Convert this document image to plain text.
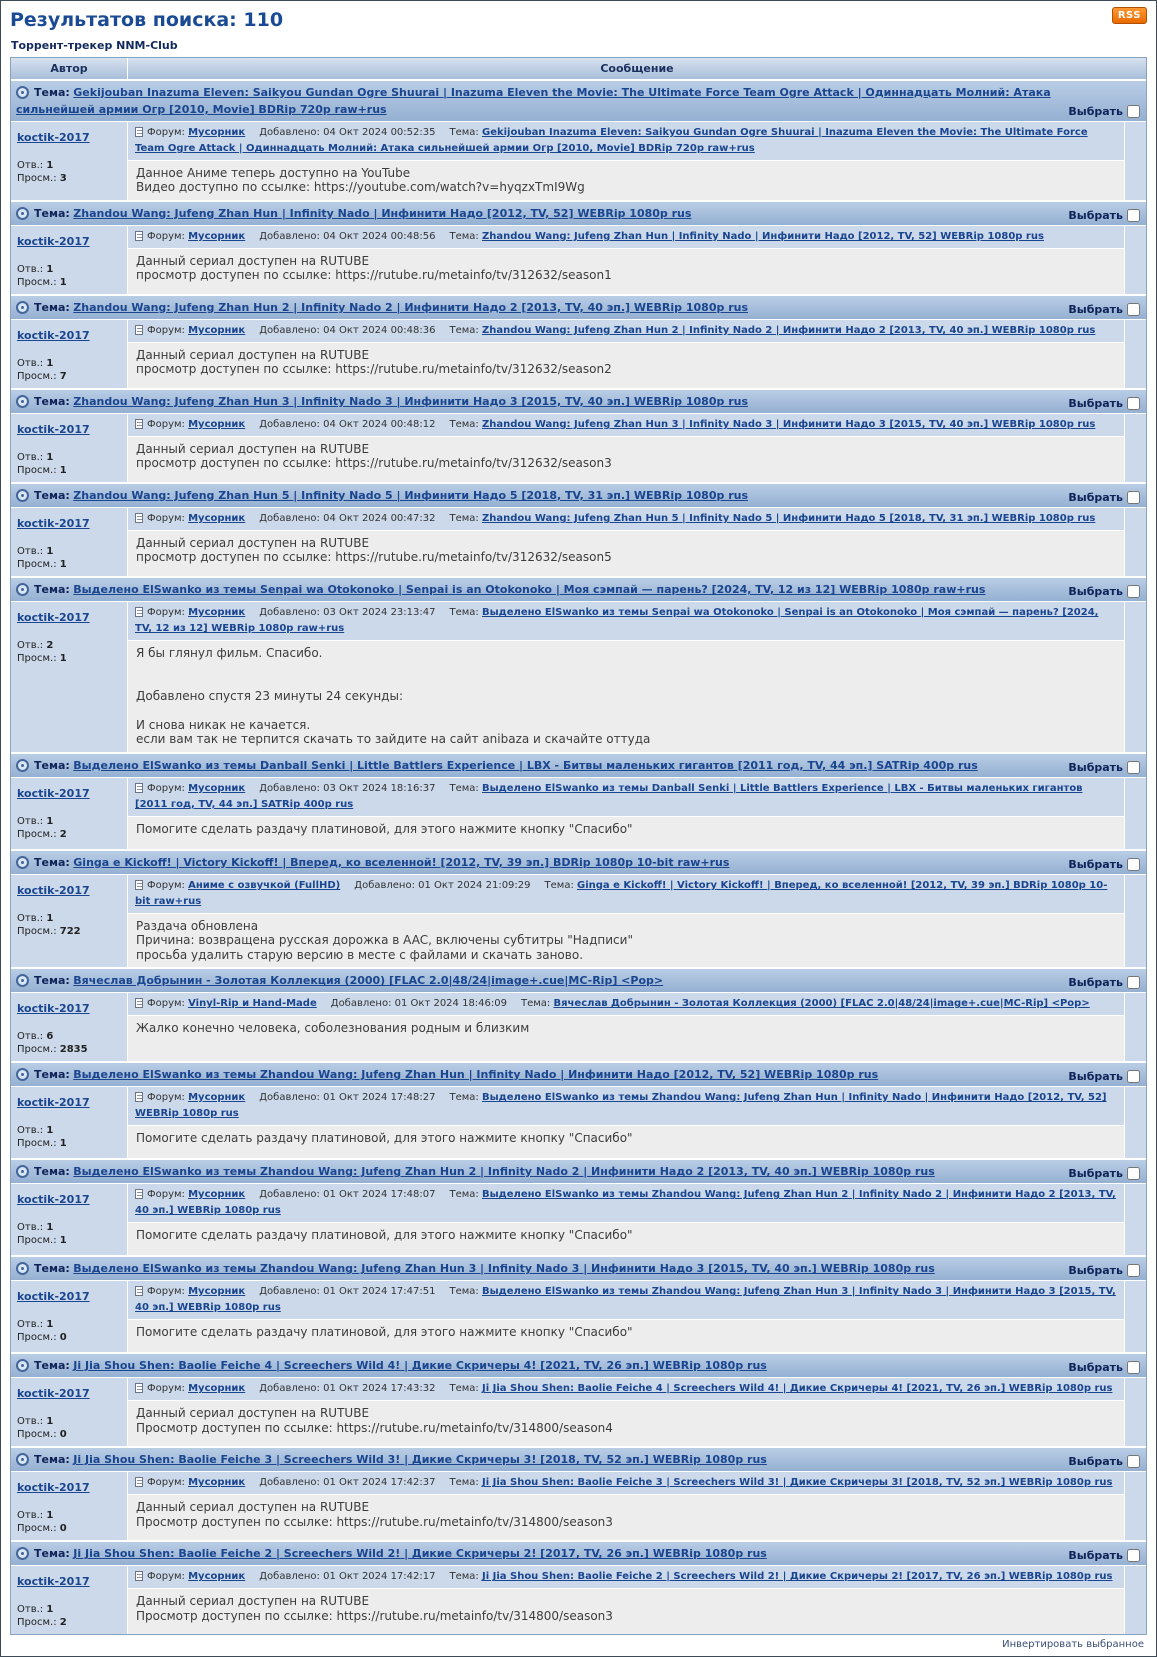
Результатов поиска: 110	RSS
Торрент-трекер NNM-Club
Автор	Сообщение
Тема: Gekijouban Inazuma Eleven: Saikyou Gundan Ogre Shuurai | Inazuma Eleven the Movie: The Ultimate Force Team Ogre Attack | Одиннадцать Молний: Атака сильнейшей армии Огр [2010, Movie] BDRip 720p raw+rus	Выбрать
koctik-2017
Отв.: 1
Просм.: 3
Форум: Мусорник Добавлено: 04 Окт 2024 00:52:35 Тема: Gekijouban Inazuma Eleven: Saikyou Gundan Ogre Shuurai | Inazuma Eleven the Movie: The Ultimate Force Team Ogre Attack | Одиннадцать Молний: Атака сильнейшей армии Огр [2010, Movie] BDRip 720p raw+rus
Данное Аниме теперь доступно на YouTube
Видео доступно по ссылке: https://youtube.com/watch?v=hyqzxTmI9Wg
Тема: Zhandou Wang: Jufeng Zhan Hun | Infinity Nado | Инфинити Надо [2012, TV, 52] WEBRip 1080p rus	Выбрать
koctik-2017
Отв.: 1
Просм.: 1
Форум: Мусорник Добавлено: 04 Окт 2024 00:48:56 Тема: Zhandou Wang: Jufeng Zhan Hun | Infinity Nado | Инфинити Надо [2012, TV, 52] WEBRip 1080p rus
Данный сериал доступен на RUTUBE
просмотр доступен по ссылке: https://rutube.ru/metainfo/tv/312632/season1
Тема: Zhandou Wang: Jufeng Zhan Hun 2 | Infinity Nado 2 | Инфинити Надо 2 [2013, TV, 40 эп.] WEBRip 1080p rus	Выбрать
koctik-2017
Отв.: 1
Просм.: 7
Форум: Мусорник Добавлено: 04 Окт 2024 00:48:36 Тема: Zhandou Wang: Jufeng Zhan Hun 2 | Infinity Nado 2 | Инфинити Надо 2 [2013, TV, 40 эп.] WEBRip 1080p rus
Данный сериал доступен на RUTUBE
просмотр доступен по ссылке: https://rutube.ru/metainfo/tv/312632/season2
Тема: Zhandou Wang: Jufeng Zhan Hun 3 | Infinity Nado 3 | Инфинити Надо 3 [2015, TV, 40 эп.] WEBRip 1080p rus	Выбрать
koctik-2017
Отв.: 1
Просм.: 1
Форум: Мусорник Добавлено: 04 Окт 2024 00:48:12 Тема: Zhandou Wang: Jufeng Zhan Hun 3 | Infinity Nado 3 | Инфинити Надо 3 [2015, TV, 40 эп.] WEBRip 1080p rus
Данный сериал доступен на RUTUBE
просмотр доступен по ссылке: https://rutube.ru/metainfo/tv/312632/season3
Тема: Zhandou Wang: Jufeng Zhan Hun 5 | Infinity Nado 5 | Инфинити Надо 5 [2018, TV, 31 эп.] WEBRip 1080p rus	Выбрать
koctik-2017
Отв.: 1
Просм.: 1
Форум: Мусорник Добавлено: 04 Окт 2024 00:47:32 Тема: Zhandou Wang: Jufeng Zhan Hun 5 | Infinity Nado 5 | Инфинити Надо 5 [2018, TV, 31 эп.] WEBRip 1080p rus
Данный сериал доступен на RUTUBE
просмотр доступен по ссылке: https://rutube.ru/metainfo/tv/312632/season5
Тема: Выделено ElSwanko из темы Senpai wa Otokonoko | Senpai is an Otokonoko | Моя сэмпай — парень? [2024, TV, 12 из 12] WEBRip 1080p raw+rus	Выбрать
koctik-2017
Отв.: 2
Просм.: 1
Форум: Мусорник Добавлено: 03 Окт 2024 23:13:47 Тема: Выделено ElSwanko из темы Senpai wa Otokonoko | Senpai is an Otokonoko | Моя сэмпай — парень? [2024, TV, 12 из 12] WEBRip 1080p raw+rus
Я бы глянул фильм. Спасибо.

Добавлено спустя 23 минуты 24 секунды:

И снова никак не качается.
если вам так не терпится скачать то зайдите на сайт anibaza и скачайте оттуда
Тема: Выделено ElSwanko из темы Danball Senki | Little Battlers Experience | LBX - Битвы маленьких гигантов [2011 год, TV, 44 эп.] SATRip 400p rus	Выбрать
koctik-2017
Отв.: 1
Просм.: 2
Форум: Мусорник Добавлено: 03 Окт 2024 18:16:37 Тема: Выделено ElSwanko из темы Danball Senki | Little Battlers Experience | LBX - Битвы маленьких гигантов [2011 год, TV, 44 эп.] SATRip 400p rus
Помогите сделать раздачу платиновой, для этого нажмите кнопку "Спасибо"
Тема: Ginga e Kickoff! | Victory Kickoff! | Вперед, ко вселенной! [2012, TV, 39 эп.] BDRip 1080p 10-bit raw+rus	Выбрать
koctik-2017
Отв.: 1
Просм.: 722
Форум: Аниме с озвучкой (FullHD) Добавлено: 01 Окт 2024 21:09:29 Тема: Ginga e Kickoff! | Victory Kickoff! | Вперед, ко вселенной! [2012, TV, 39 эп.] BDRip 1080p 10-bit raw+rus
Раздача обновлена
Причина: возвращена русская дорожка в AAC, включены субтитры "Надписи"
просьба удалить старую версию в месте с файлами и скачать заново.
Тема: Вячеслав Добрынин - Золотая Коллекция (2000) [FLAC 2.0|48/24|image+.cue|MC-Rip] <Pop>	Выбрать
koctik-2017
Отв.: 6
Просм.: 2835
Форум: Vinyl-Rip и Hand-Made Добавлено: 01 Окт 2024 18:46:09 Тема: Вячеслав Добрынин - Золотая Коллекция (2000) [FLAC 2.0|48/24|image+.cue|MC-Rip] <Pop>
Жалко конечно человека, соболезнования родным и близким
Тема: Выделено ElSwanko из темы Zhandou Wang: Jufeng Zhan Hun | Infinity Nado | Инфинити Надо [2012, TV, 52] WEBRip 1080p rus	Выбрать
koctik-2017
Отв.: 1
Просм.: 1
Форум: Мусорник Добавлено: 01 Окт 2024 17:48:27 Тема: Выделено ElSwanko из темы Zhandou Wang: Jufeng Zhan Hun | Infinity Nado | Инфинити Надо [2012, TV, 52] WEBRip 1080p rus
Помогите сделать раздачу платиновой, для этого нажмите кнопку "Спасибо"
Тема: Выделено ElSwanko из темы Zhandou Wang: Jufeng Zhan Hun 2 | Infinity Nado 2 | Инфинити Надо 2 [2013, TV, 40 эп.] WEBRip 1080p rus	Выбрать
koctik-2017
Отв.: 1
Просм.: 1
Форум: Мусорник Добавлено: 01 Окт 2024 17:48:07 Тема: Выделено ElSwanko из темы Zhandou Wang: Jufeng Zhan Hun 2 | Infinity Nado 2 | Инфинити Надо 2 [2013, TV, 40 эп.] WEBRip 1080p rus
Помогите сделать раздачу платиновой, для этого нажмите кнопку "Спасибо"
Тема: Выделено ElSwanko из темы Zhandou Wang: Jufeng Zhan Hun 3 | Infinity Nado 3 | Инфинити Надо 3 [2015, TV, 40 эп.] WEBRip 1080p rus	Выбрать
koctik-2017
Отв.: 1
Просм.: 0
Форум: Мусорник Добавлено: 01 Окт 2024 17:47:51 Тема: Выделено ElSwanko из темы Zhandou Wang: Jufeng Zhan Hun 3 | Infinity Nado 3 | Инфинити Надо 3 [2015, TV, 40 эп.] WEBRip 1080p rus
Помогите сделать раздачу платиновой, для этого нажмите кнопку "Спасибо"
Тема: Ji Jia Shou Shen: Baolie Feiche 4 | Screechers Wild 4! | Дикие Скричеры 4! [2021, TV, 26 эп.] WEBRip 1080p rus	Выбрать
koctik-2017
Отв.: 1
Просм.: 0
Форум: Мусорник Добавлено: 01 Окт 2024 17:43:32 Тема: Ji Jia Shou Shen: Baolie Feiche 4 | Screechers Wild 4! | Дикие Скричеры 4! [2021, TV, 26 эп.] WEBRip 1080p rus
Данный сериал доступен на RUTUBE
Просмотр доступен по ссылке: https://rutube.ru/metainfo/tv/314800/season4
Тема: Ji Jia Shou Shen: Baolie Feiche 3 | Screechers Wild 3! | Дикие Скричеры 3! [2018, TV, 52 эп.] WEBRip 1080p rus	Выбрать
koctik-2017
Отв.: 1
Просм.: 0
Форум: Мусорник Добавлено: 01 Окт 2024 17:42:37 Тема: Ji Jia Shou Shen: Baolie Feiche 3 | Screechers Wild 3! | Дикие Скричеры 3! [2018, TV, 52 эп.] WEBRip 1080p rus
Данный сериал доступен на RUTUBE
Просмотр доступен по ссылке: https://rutube.ru/metainfo/tv/314800/season3
Тема: Ji Jia Shou Shen: Baolie Feiche 2 | Screechers Wild 2! | Дикие Скричеры 2! [2017, TV, 26 эп.] WEBRip 1080p rus	Выбрать
koctik-2017
Отв.: 1
Просм.: 2
Форум: Мусорник Добавлено: 01 Окт 2024 17:42:17 Тема: Ji Jia Shou Shen: Baolie Feiche 2 | Screechers Wild 2! | Дикие Скричеры 2! [2017, TV, 26 эп.] WEBRip 1080p rus
Данный сериал доступен на RUTUBE
Просмотр доступен по ссылке: https://rutube.ru/metainfo/tv/314800/season3
Инвертировать выбранное
